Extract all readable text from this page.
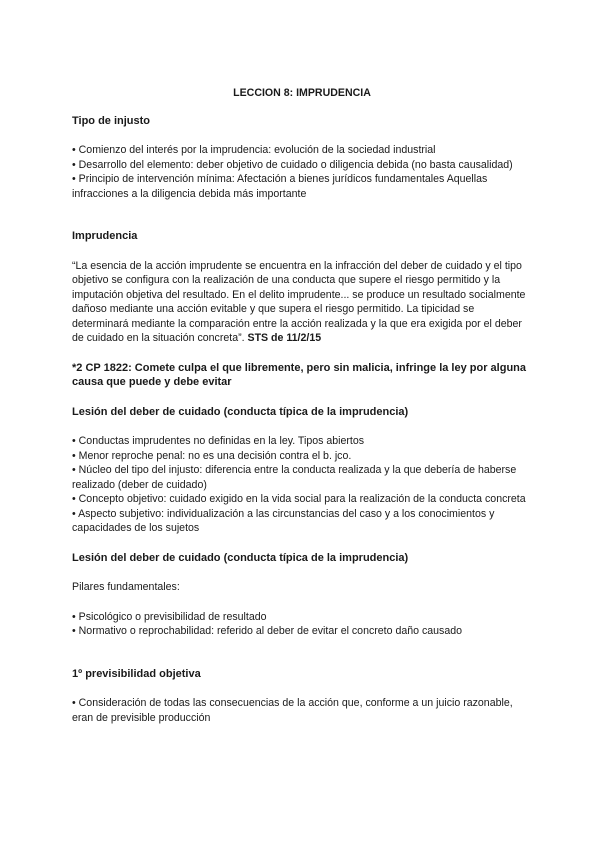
LECCION 8: IMPRUDENCIA

Tipo de injusto

• Comienzo del interés por la imprudencia: evolución de la sociedad industrial

• Desarrollo del elemento: deber objetivo de cuidado o diligencia debida (no basta causalidad)

• Principio de intervención mínima: Afectación a bienes jurídicos fundamentales Aquellas infracciones a la diligencia debida más importante

Imprudencia

“La esencia de la acción imprudente se encuentra en la infracción del deber de cuidado y el tipo objetivo se configura con la realización de una conducta que supere el riesgo permitido y la imputación objetiva del resultado. En el delito imprudente... se produce un resultado socialmente dañoso mediante una acción evitable y que supera el riesgo permitido. La tipicidad se determinará mediante la comparación entre la acción realizada y la que era exigida por el deber de cuidado en la situación concreta”. STS de 11/2/15

*2 CP 1822: Comete culpa el que libremente, pero sin malicia, infringe la ley por alguna causa que puede y debe evitar

Lesión del deber de cuidado (conducta típica de la imprudencia)

• Conductas imprudentes no definidas en la ley. Tipos abiertos

• Menor reproche penal: no es una decisión contra el b. jco.

• Núcleo del tipo del injusto: diferencia entre la conducta realizada y la que debería de haberse realizado (deber de cuidado)

• Concepto objetivo: cuidado exigido en la vida social para la realización de la conducta concreta

• Aspecto subjetivo: individualización a las circunstancias del caso y a los conocimientos y capacidades de los sujetos

Lesión del deber de cuidado (conducta típica de la imprudencia)

Pilares fundamentales:

• Psicológico o previsibilidad de resultado

• Normativo o reprochabilidad: referido al deber de evitar el concreto daño causado

1º previsibilidad objetiva

• Consideración de todas las consecuencias de la acción que, conforme a un juicio razonable, eran de previsible producción
